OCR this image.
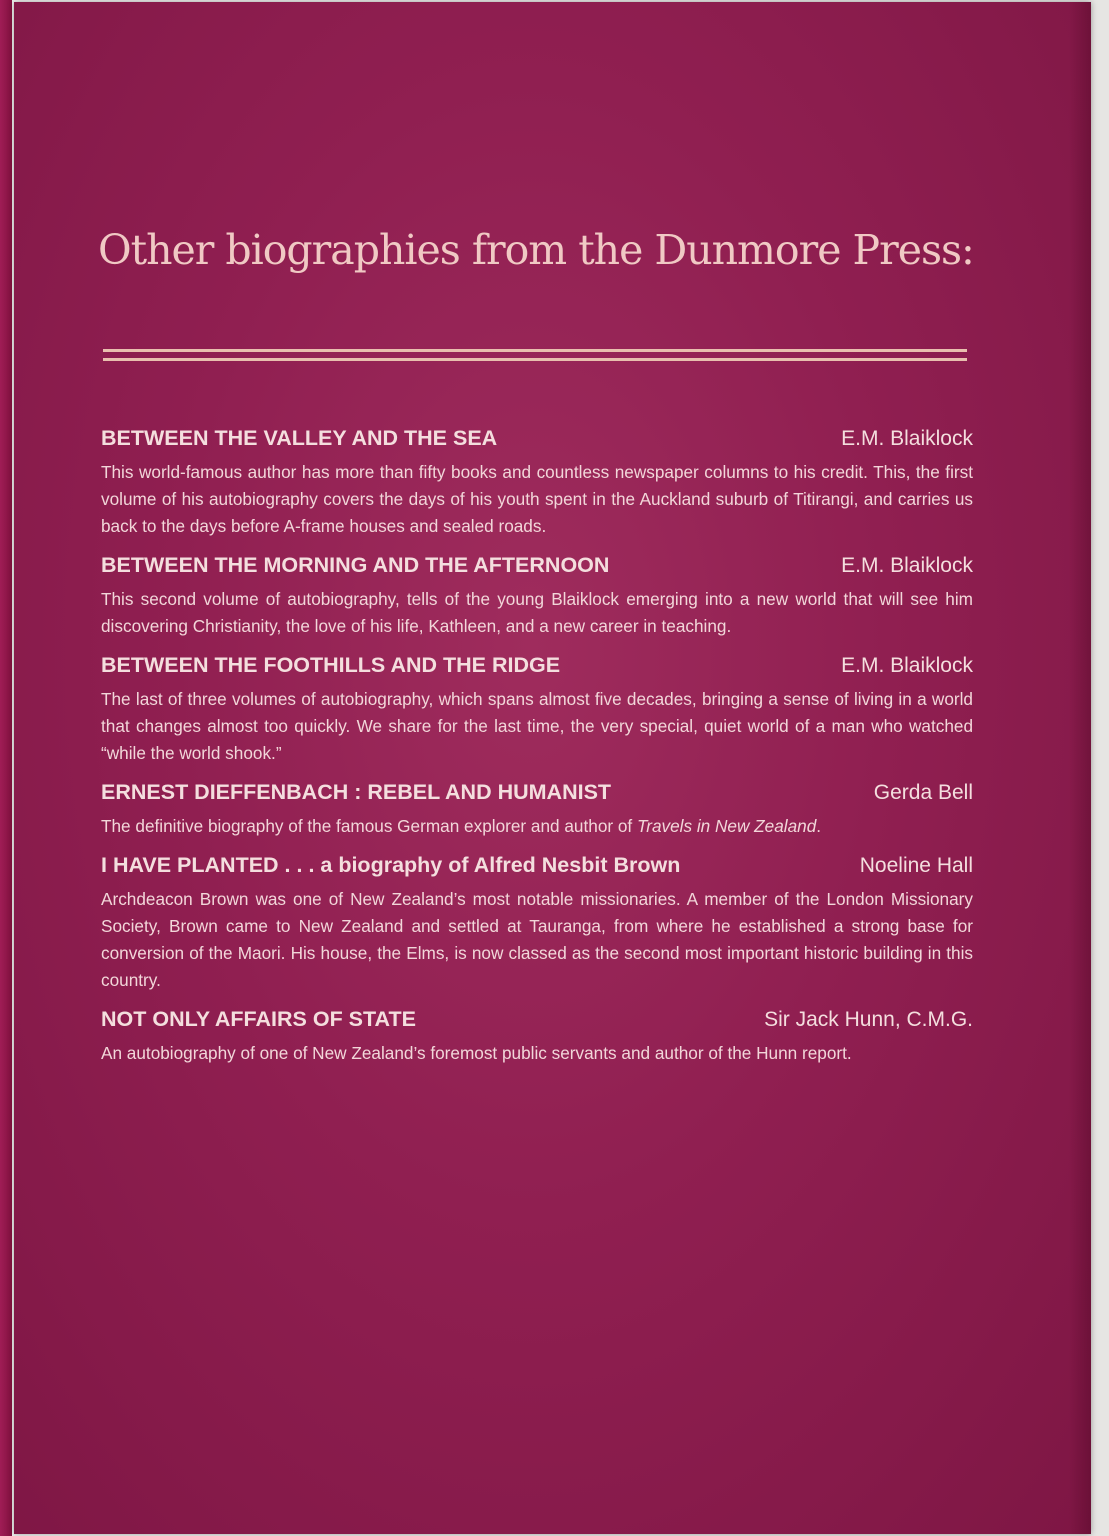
Other biographies from the Dunmore Press:
BETWEEN THE VALLEY AND THE SEA	E.M. Blaiklock

This world-famous author has more than fifty books and countless newspaper columns to his credit. This, the first volume of his autobiography covers the days of his youth spent in the Auckland suburb of Titirangi, and carries us back to the days before A-frame houses and sealed roads.

BETWEEN THE MORNING AND THE AFTERNOON	E.M. Blaiklock

This second volume of autobiography, tells of the young Blaiklock emerging into a new world that will see him discovering Christianity, the love of his life, Kathleen, and a new career in teaching.

BETWEEN THE FOOTHILLS AND THE RIDGE	E.M. Blaiklock

The last of three volumes of autobiography, which spans almost five decades, bringing a sense of living in a world that changes almost too quickly. We share for the last time, the very special, quiet world of a man who watched “while the world shook.”

ERNEST DIEFFENBACH : REBEL AND HUMANIST	Gerda Bell

The definitive biography of the famous German explorer and author of Travels in New Zealand.

I HAVE PLANTED . . . a biography of Alfred Nesbit Brown	Noeline Hall

Archdeacon Brown was one of New Zealand’s most notable missionaries. A member of the London Missionary Society, Brown came to New Zealand and settled at Tauranga, from where he established a strong base for conversion of the Maori. His house, the Elms, is now classed as the second most important historic building in this country.

NOT ONLY AFFAIRS OF STATE	Sir Jack Hunn, C.M.G.

An autobiography of one of New Zealand’s foremost public servants and author of the Hunn report.
